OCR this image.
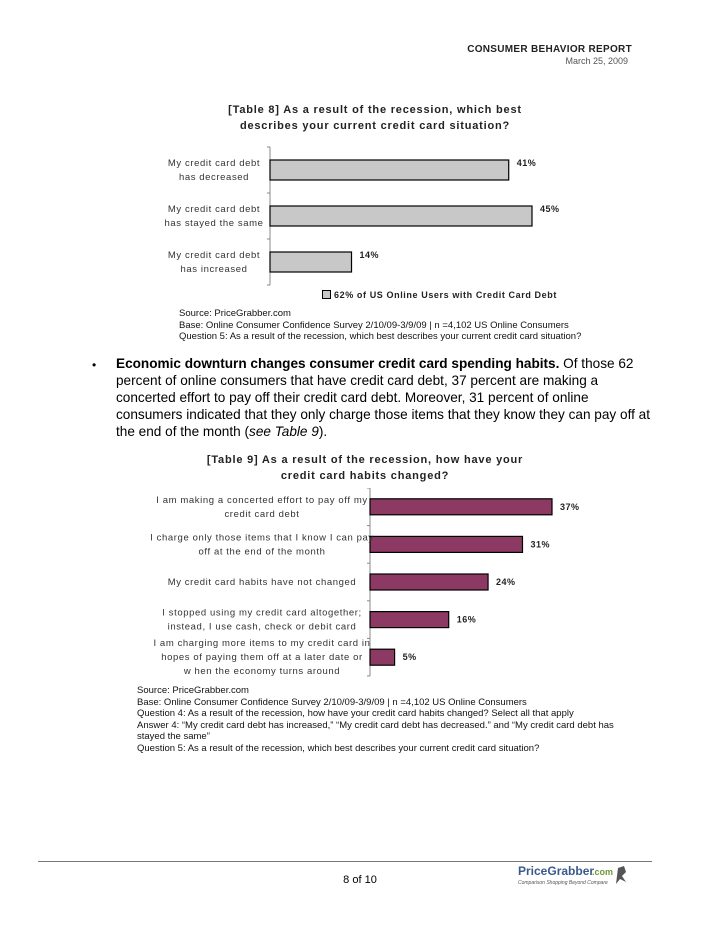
CONSUMER BEHAVIOR REPORT
March 25, 2009
[Table 8] As a result of the recession, which best
describes your current credit card situation?
41%
My credit card debt
has decreased
45%
My credit card debt
has stayed the same
14%
My credit card debt
has increased
62% of US Online Users with Credit Card Debt
Source: PriceGrabber.com
Base: Online Consumer Confidence Survey 2/10/09-3/9/09 | n =4,102 US Online Consumers
Question 5: As a result of the recession, which best describes your current credit card situation?
• Economic downturn changes consumer credit card spending habits. Of those 62
percent of online consumers that have credit card debt, 37 percent are making a
concerted effort to pay off their credit card debt. Moreover, 31 percent of online
consumers indicated that they only charge those items that they know they can pay off at
the end of the month (see Table 9).
[Table 9] As a result of the recession, how have your
credit card habits changed?
37%
I am making a concerted effort to pay off my
credit card debt
31%
I charge only those items that I know I can pay
off at the end of the month
24%
My credit card habits have not changed
16%
I stopped using my credit card altogether;
instead, I use cash, check or debit card
5%
I am charging more items to my credit card in
hopes of paying them off at a later date or
w hen the economy turns around
Source: PriceGrabber.com
Base: Online Consumer Confidence Survey 2/10/09-3/9/09 | n =4,102 US Online Consumers
Question 4: As a result of the recession, how have your credit card habits changed? Select all that apply
Answer 4: “My credit card debt has increased,” “My credit card debt has decreased.” and “My credit card debt has
stayed the same”
Question 5: As a result of the recession, which best describes your current credit card situation?
8 of 10
PriceGrabber
.com
Comparison Shopping Beyond Compare
